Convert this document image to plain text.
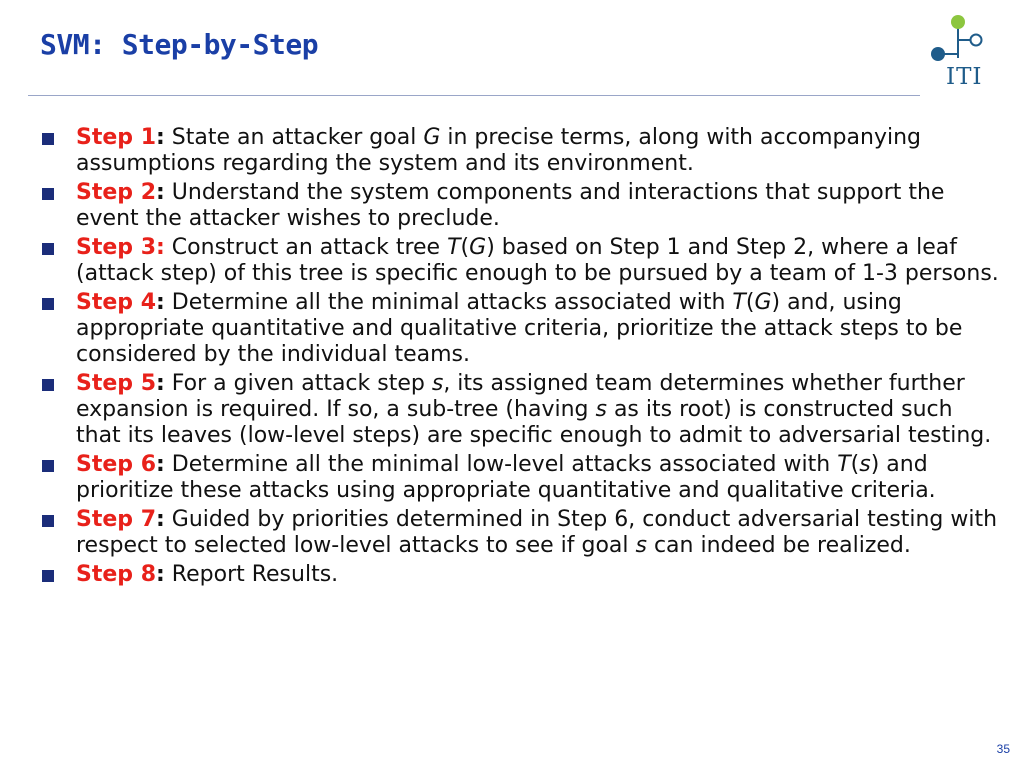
SVM: Step-by-Step
ITI
Step 1: State an attacker goal G in precise terms, along with accompanying assumptions regarding the system and its environment.
Step 2: Understand the system components and interactions that support the event the attacker wishes to preclude.
Step 3: Construct an attack tree T(G) based on Step 1 and Step 2, where a leaf (attack step) of this tree is specific enough to be pursued by a team of 1-3 persons.
Step 4: Determine all the minimal attacks associated with T(G) and, using appropriate quantitative and qualitative criteria, prioritize the attack steps to be considered by the individual teams.
Step 5: For a given attack step s, its assigned team determines whether further expansion is required. If so, a sub-tree (having s as its root) is constructed such that its leaves (low-level steps) are specific enough to admit to adversarial testing.
Step 6: Determine all the minimal low-level attacks associated with T(s) and prioritize these attacks using appropriate quantitative and qualitative criteria.
Step 7: Guided by priorities determined in Step 6, conduct adversarial testing with respect to selected low-level attacks to see if goal s can indeed be realized.
Step 8: Report Results.
35
